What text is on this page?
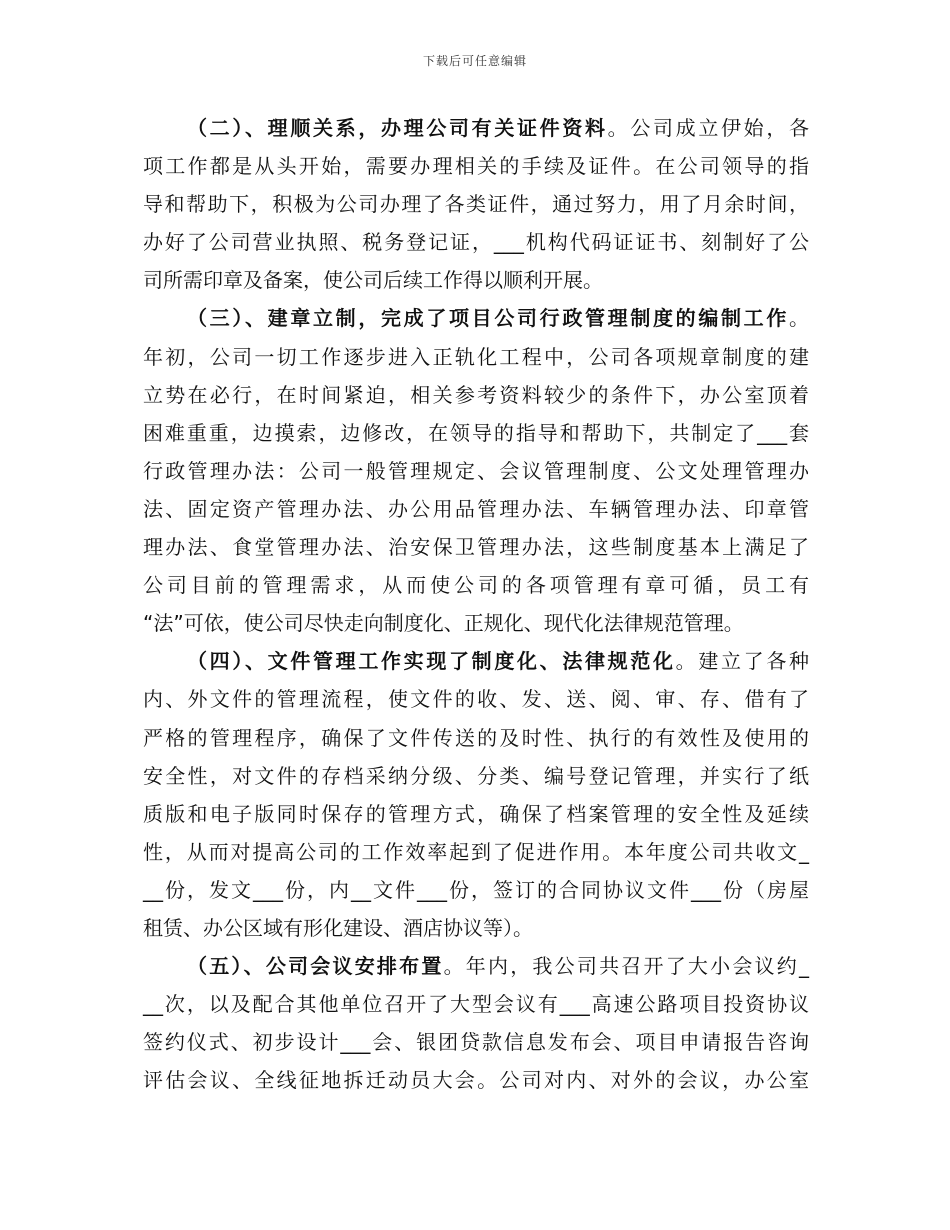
下载后可任意编辑
（二）、理顺关系，办理公司有关证件资料。公司成立伊始，各
项工作都是从头开始，需要办理相关的手续及证件。在公司领导的指
导和帮助下，积极为公司办理了各类证件，通过努力，用了月余时间，
办好了公司营业执照、税务登记证，___机构代码证证书、刻制好了公
司所需印章及备案，使公司后续工作得以顺利开展。
（三）、建章立制，完成了项目公司行政管理制度的编制工作。
年初，公司一切工作逐步进入正轨化工程中，公司各项规章制度的建
立势在必行，在时间紧迫，相关参考资料较少的条件下，办公室顶着
困难重重，边摸索，边修改，在领导的指导和帮助下，共制定了___套
行政管理办法：公司一般管理规定、会议管理制度、公文处理管理办
法、固定资产管理办法、办公用品管理办法、车辆管理办法、印章管
理办法、食堂管理办法、治安保卫管理办法，这些制度基本上满足了
公司目前的管理需求，从而使公司的各项管理有章可循，员工有
“法”可依，使公司尽快走向制度化、正规化、现代化法律规范管理。
（四）、文件管理工作实现了制度化、法律规范化。建立了各种
内、外文件的管理流程，使文件的收、发、送、阅、审、存、借有了
严格的管理程序，确保了文件传送的及时性、执行的有效性及使用的
安全性，对文件的存档采纳分级、分类、编号登记管理，并实行了纸
质版和电子版同时保存的管理方式，确保了档案管理的安全性及延续
性，从而对提高公司的工作效率起到了促进作用。本年度公司共收文_
__份，发文___份，内__文件___份，签订的合同协议文件___份（房屋
租赁、办公区域有形化建设、酒店协议等）。
（五）、公司会议安排布置。年内，我公司共召开了大小会议约_
__次，以及配合其他单位召开了大型会议有___高速公路项目投资协议
签约仪式、初步设计___会、银团贷款信息发布会、项目申请报告咨询
评估会议、全线征地拆迁动员大会。公司对内、对外的会议，办公室
